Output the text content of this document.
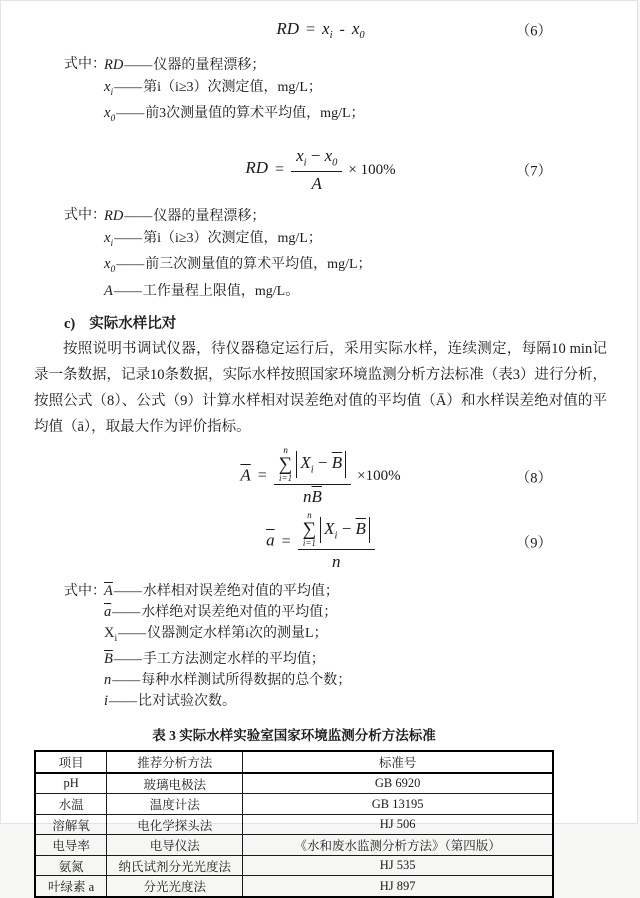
RD = $x_i - x_0$	（6）
式中：
RD——仪器的量程漂移；
$x_i——$第i（i≥3）次测定值，mg/L；
$x_0——$前3次测量值的算术平均值，mg/L；
RD = $\frac{x_i - x_0}{A} \times 100\%$	（7）
式中：
RD——仪器的量程漂移；
$x_i——$第i（i≥3）次测定值，mg/L；
$x_0——$前三次测量值的算术平均值，mg/L；
A——工作量程上限值，mg/L。
c) 实际水样比对

按照说明书调试仪器，待仪器稳定运行后，采用实际水样，连续测定，每隔10 min记录一条数据，记录10条数据，实际水样按照国家环境监测分析方法标准（表3）进行分析，按照公式（8）、公式（9）计算水样相对误差绝对值的平均值（Ā）和水样误差绝对值的平均值（ā），取最大作为评价指标。

$\overline{A} = n$
∑
i=1
$X_i - \overline{B}$
$n\overline{B} \times 100\%$	（8）
$\overline{a} = n$
∑
i=1
$X_i - \overline{B}$
n	（9）
式中：
$\overline{A}——$水样相对误差绝对值的平均值；
$\overline{a}——$水样绝对误差绝对值的平均值；
$X_i——$仪器测定水样第i次的测量L；
$\overline{B}——$手工方法测定水样的平均值；
n——每种水样测试所得数据的总个数；
i——比对试验次数。
表 3 实际水样实验室国家环境监测分析方法标准
项目	推荐分析方法	标准号
pH	玻璃电极法	GB 6920
水温	温度计法	GB 13195
溶解氧	电化学探头法	HJ 506
电导率	电导仪法	《水和废水监测分析方法》（第四版）
氨氮	纳氏试剂分光光度法	HJ 535
叶绿素 a	分光光度法	HJ 897
